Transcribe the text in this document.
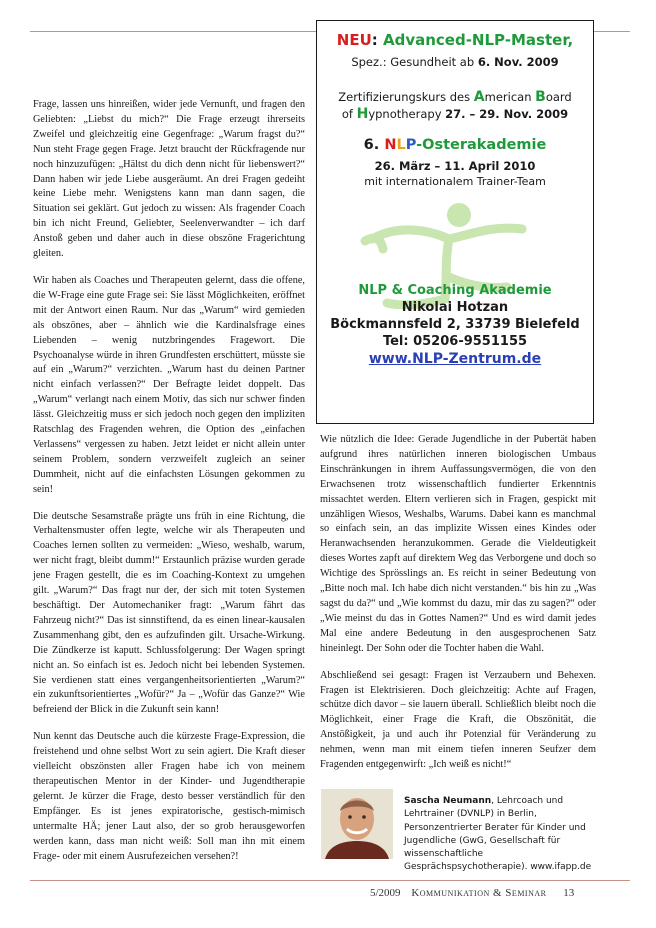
Frage, lassen uns hinreißen, wider jede Vernunft, und fragen den Geliebten: „Liebst du mich?“ Die Frage erzeugt ihrerseits Zweifel und gleichzeitig eine Gegenfrage: „Warum fragst du?“ Nun steht Frage gegen Frage. Jetzt braucht der Rückfragende nur noch hinzuzufügen: „Hältst du dich denn nicht für liebenswert?“ Dann haben wir jede Liebe ausgeräumt. An drei Fragen gedeiht keine Liebe mehr. Wenigstens kann man dann sagen, die Situation sei geklärt. Gut jedoch zu wissen: Als fragender Coach bin ich nicht Freund, Geliebter, Seelenverwandter – ich darf Anstoß geben und daher auch in diese obszöne Fragerichtung gleiten.

Wir haben als Coaches und Therapeuten gelernt, dass die offene, die W-Frage eine gute Frage sei: Sie lässt Möglichkeiten, eröffnet mit der Antwort einen Raum. Nur das „Warum“ wird gemieden als obszönes, aber – ähnlich wie die Kardinalsfrage eines Liebenden – wenig nutzbringendes Fragewort. Die Psychoanalyse würde in ihren Grundfesten erschüttert, müsste sie auf ein „Warum?“ verzichten. „Warum hast du deinen Partner nicht einfach verlassen?“ Der Befragte leidet doppelt. Das „Warum“ verlangt nach einem Motiv, das sich nur schwer finden lässt. Gleichzeitig muss er sich jedoch noch gegen den impliziten Ratschlag des Fragenden wehren, die Option des „einfachen Verlassens“ vergessen zu haben. Jetzt leidet er nicht allein unter seinem Problem, sondern verzweifelt zugleich an seiner Dummheit, nicht auf die einfachsten Lösungen gekommen zu sein!

Die deutsche Sesamstraße prägte uns früh in eine Richtung, die Verhaltensmuster offen legte, welche wir als Therapeuten und Coaches lernen sollten zu vermeiden: „Wieso, weshalb, warum, wer nicht fragt, bleibt dumm!“ Erstaunlich präzise wurden gerade jene Fragen gestellt, die es im Coaching-Kontext zu umgehen gilt. „Warum?“ Das fragt nur der, der sich mit toten Systemen beschäftigt. Der Automechaniker fragt: „Warum fährt das Fahrzeug nicht?“ Das ist sinnstiftend, da es einen linear-kausalen Zusammenhang gibt, den es aufzufinden gilt. Ursache-Wirkung. Die Zündkerze ist kaputt. Schlussfolgerung: Der Wagen springt nicht an. So einfach ist es. Jedoch nicht bei lebenden Systemen. Sie verdienen statt eines vergangenheitsorientierten „Warum?“ ein zukunftsorientiertes „Wofür?“ Ja – „Wofür das Ganze?“ Wie befreiend der Blick in die Zukunft sein kann!

Nun kennt das Deutsche auch die kürzeste Frage-Expression, die freistehend und ohne selbst Wort zu sein agiert. Die Kraft dieser vielleicht obszönsten aller Fragen habe ich von meinem therapeutischen Mentor in der Kinder- und Jugendtherapie gelernt. Je kürzer die Frage, desto besser verständlich für den Empfänger. Es ist jenes expiratorische, gestisch-mimisch untermalte HÄ; jener Laut also, der so grob herausgeworfen werden kann, dass man nicht weiß: Soll man ihn mit einem Frage- oder mit einem Ausrufezeichen versehen?!

NEU: Advanced-NLP-Master,
Spez.: Gesundheit ab 6. Nov. 2009
Zertifizierungskurs des American Board
of Hypnotherapy 27. – 29. Nov. 2009
6. NLP-Osterakademie
26. März – 11. April 2010
mit internationalem Trainer-Team
NLP & Coaching Akademie
Nikolai Hotzan
Böckmannsfeld 2, 33739 Bielefeld
Tel: 05206-9551155
www.NLP-Zentrum.de

Wie nützlich die Idee: Gerade Jugendliche in der Pubertät haben aufgrund ihres natürlichen inneren biologischen Umbaus Einschränkungen in ihrem Auffassungsvermögen, die von den Erwachsenen trotz wissenschaftlich fundierter Erkenntnis missachtet werden. Eltern verlieren sich in Fragen, gespickt mit unzähligen Wiesos, Weshalbs, Warums. Dabei kann es manchmal so einfach sein, an das implizite Wissen eines Kindes oder Heranwachsenden heranzukommen. Gerade die Vieldeutigkeit dieses Wortes zapft auf direktem Weg das Verborgene und doch so Wichtige des Sprösslings an. Es reicht in seiner Bedeutung von „Bitte noch mal. Ich habe dich nicht verstanden.“ bis hin zu „Was sagst du da?“ und „Wie kommst du dazu, mir das zu sagen?“ oder „Wie meinst du das in Gottes Namen?“ Und es wird damit jedes Mal eine andere Bedeutung in den ausgesprochenen Satz hineinlegt. Der Sohn oder die Tochter haben die Wahl.

Abschließend sei gesagt: Fragen ist Verzaubern und Behexen. Fragen ist Elektrisieren. Doch gleichzeitig: Achte auf Fragen, schütze dich davor – sie lauern überall. Schließlich bleibt noch die Möglichkeit, einer Frage die Kraft, die Obszönität, die Anstößigkeit, ja und auch ihr Potenzial für Veränderung zu nehmen, wenn man mit einem tiefen inneren Seufzer dem Fragenden entgegenwirft: „Ich weiß es nicht!“

Sascha Neumann, Lehrcoach und Lehrtrainer (DVNLP) in Berlin, Personzentrierter Berater für Kinder und Jugendliche (GwG, Gesellschaft für wissenschaftliche Gesprächspsychotherapie). www.ifapp.de
5/2009 Kommunikation & Seminar 13
